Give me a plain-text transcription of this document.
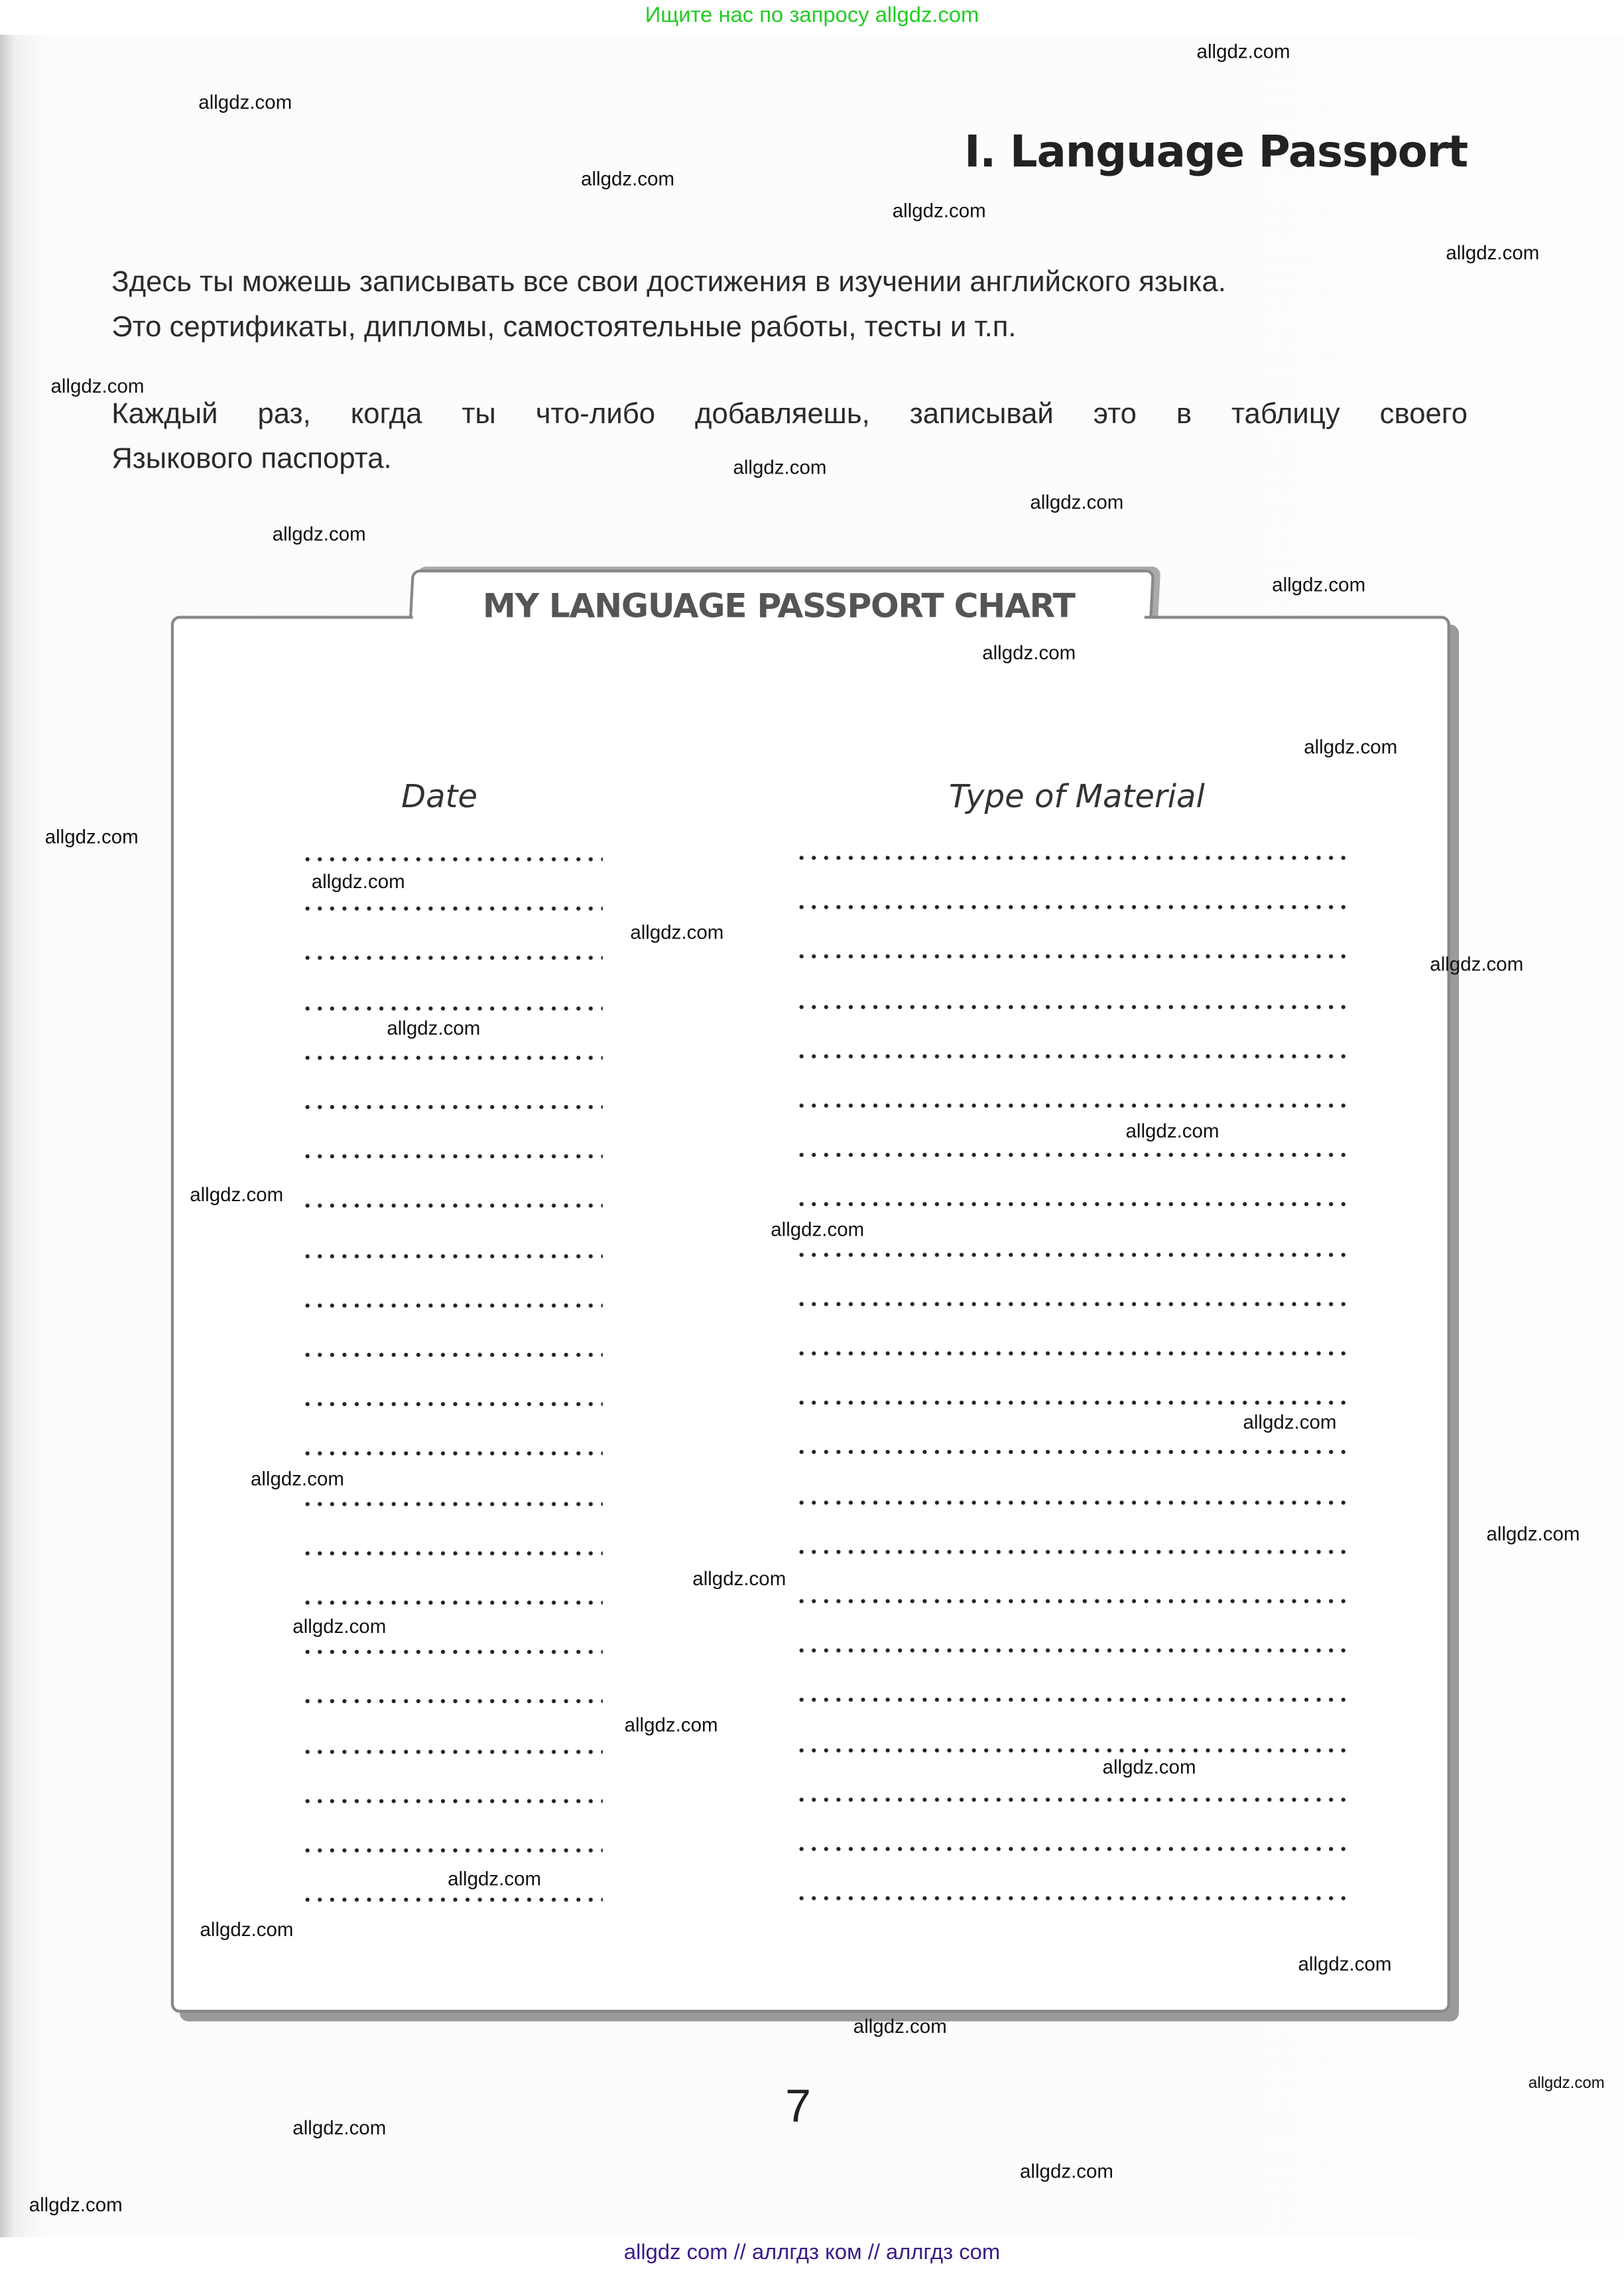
Ищите нас по запросу allgdz.com
I. Language Passport
Здесь ты можешь записывать все свои достижения в изучении английского языка.
Это сертификаты, дипломы, самостоятельные работы, тесты и т.п.
Каждый раз, когда ты что-либо добавляешь, записывай это в таблицу своего
Языкового паспорта.
MY LANGUAGE PASSPORT CHART
Date	Type of Material
7
allgdz.com
allgdz.com
allgdz.com
allgdz.com
allgdz.com
allgdz.com
allgdz.com
allgdz.com
allgdz.com
allgdz.com
allgdz.com
allgdz.com
allgdz.com
allgdz.com
allgdz.com
allgdz.com
allgdz.com
allgdz.com
allgdz.com
allgdz.com
allgdz.com
allgdz.com
allgdz.com
allgdz.com
allgdz.com
allgdz.com
allgdz.com
allgdz.com
allgdz.com
allgdz.com
allgdz.com
allgdz.com
allgdz.com
allgdz.com
allgdz.com
allgdz com // аллгдз ком // аллгдз com
